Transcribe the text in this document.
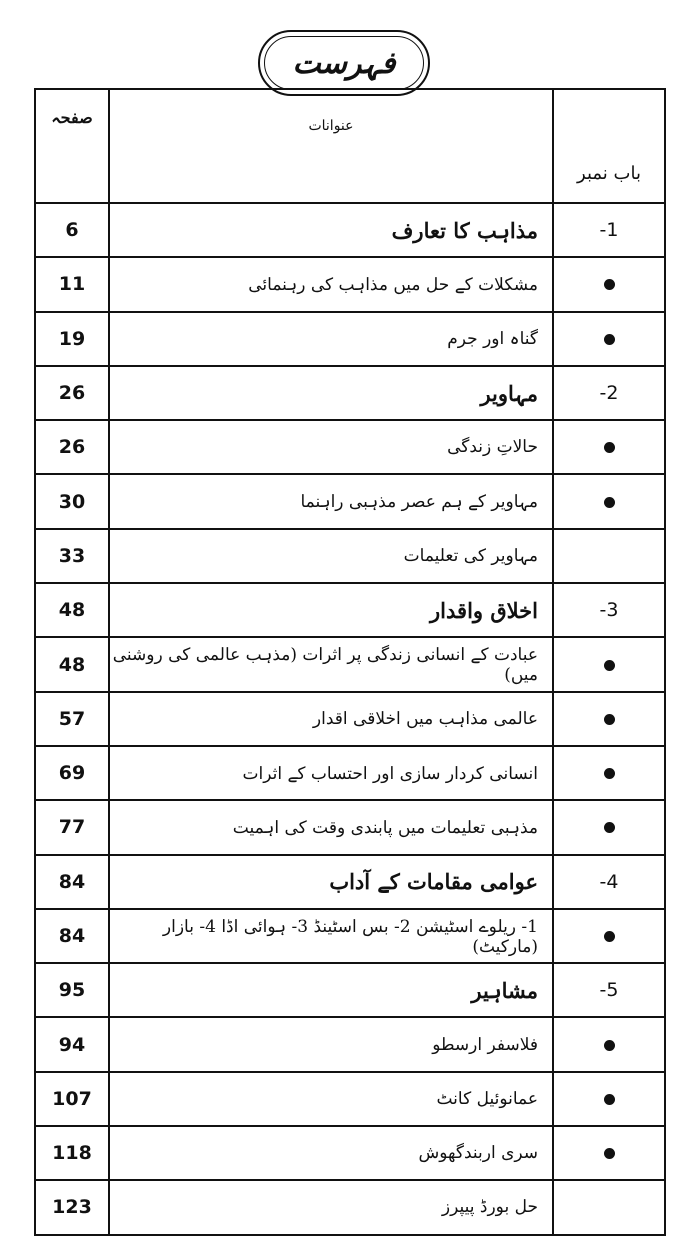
فہرست
صفحہ	عنوانات	باب نمبر
6	مذاہب کا تعارف	-1
11	مشکلات کے حل میں مذاہب کی رہنمائی	
19	گناہ اور جرم	
26	مہاویر	-2
26	حالاتِ زندگی	
30	مہاویر کے ہم عصر مذہبی راہنما	
33	مہاویر کی تعلیمات	
48	اخلاق واقدار	-3
48	عبادت کے انسانی زندگی پر اثرات (مذہب عالمی کی روشنی میں)	
57	عالمی مذاہب میں اخلاقی اقدار	
69	انسانی کردار سازی اور احتساب کے اثرات	
77	مذہبی تعلیمات میں پابندی وقت کی اہمیت	
84	عوامی مقامات کے آداب	-4
84	1- ریلوے اسٹیشن 2- بس اسٹینڈ 3- ہوائی اڈا 4- بازار (مارکیٹ)	
95	مشاہیر	-5
94	فلاسفر ارسطو	
107	عمانوئیل کانٹ	
118	سری اربندگھوش	
123	حل بورڈ پیپرز	
